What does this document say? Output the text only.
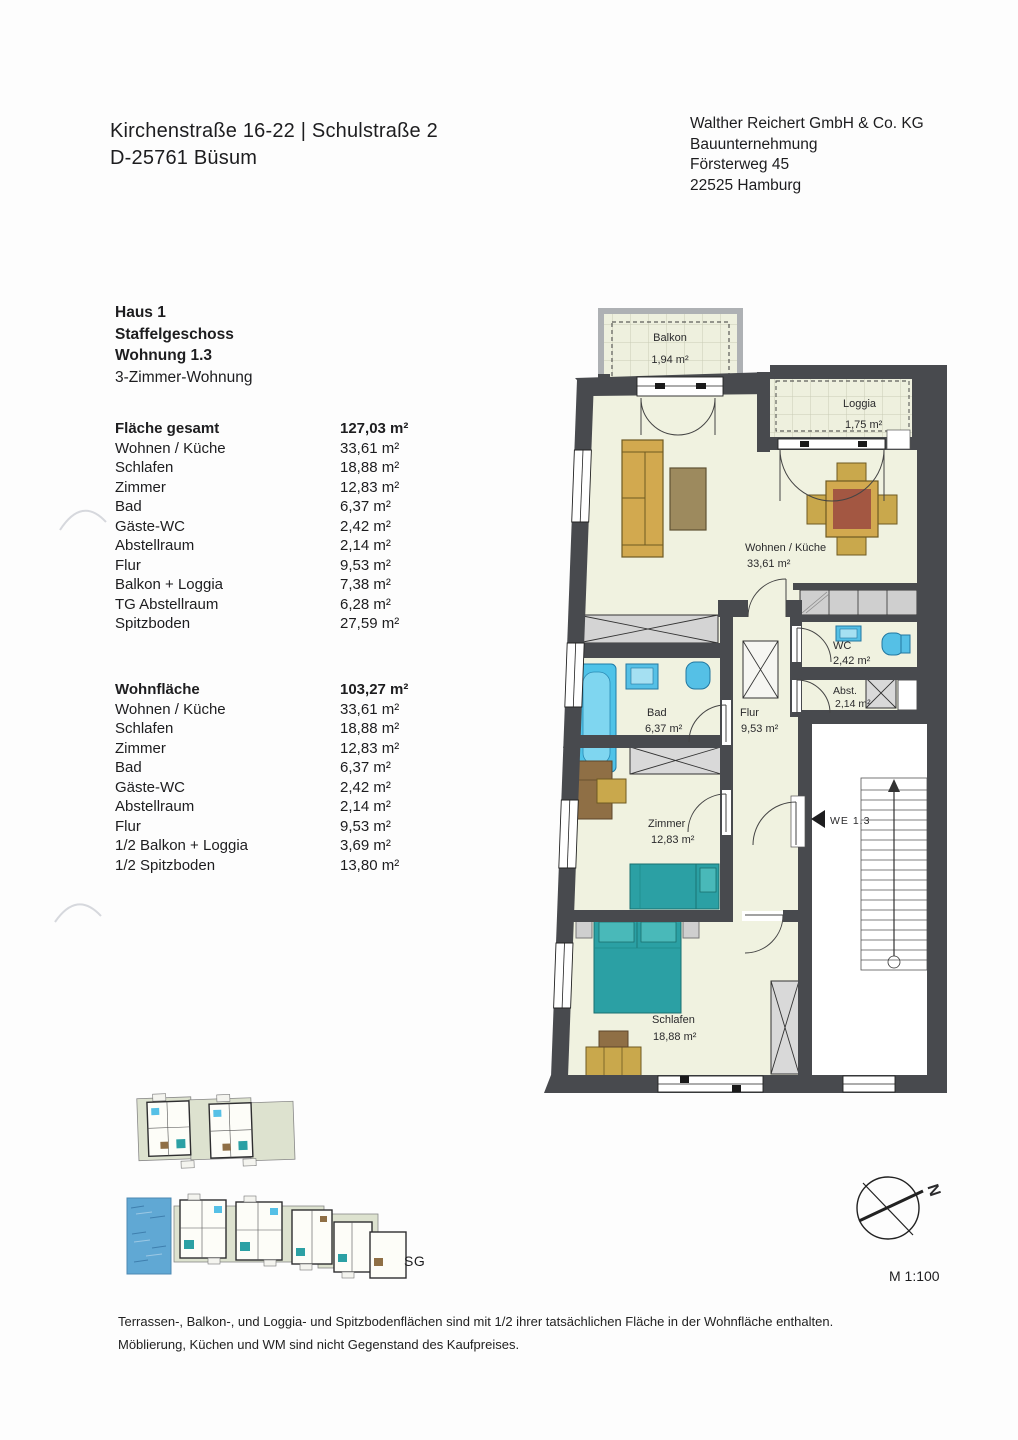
Kirchenstraße 16-22 | Schulstraße 2
D-25761 Büsum
Walther Reichert GmbH & Co. KG
Bauunternehmung
Försterweg 45
22525 Hamburg
Haus 1
Staffelgeschoss
Wohnung 1.3
3-Zimmer-Wohnung
Fläche gesamt	127,03 m²
Wohnen / Küche	33,61 m²
Schlafen	18,88 m²
Zimmer	12,83 m²
Bad	6,37 m²
Gäste-WC	2,42 m²
Abstellraum	2,14 m²
Flur	9,53 m²
Balkon + Loggia	7,38 m²
TG Abstellraum	6,28 m²
Spitzboden	27,59 m²
Wohnfläche	103,27 m²
Wohnen / Küche	33,61 m²
Schlafen	18,88 m²
Zimmer	12,83 m²
Bad	6,37 m²
Gäste-WC	2,42 m²
Abstellraum	2,14 m²
Flur	9,53 m²
1/2 Balkon + Loggia	3,69 m²
1/2 Spitzboden	13,80 m²
Balkon
1,94 m²
Loggia
1,75 m²
Wohnen / Küche
33,61 m²
WC
2,42 m²
Abst.
2,14 m²
Bad
6,37 m²
Flur
9,53 m²
Zimmer
12,83 m²
Schlafen
18,88 m²
WE 1.3
SG
N
M 1:100
Terrassen-, Balkon-, und Loggia- und Spitzbodenflächen sind mit 1/2 ihrer tatsächlichen Fläche in der Wohnfläche enthalten.
Möblierung, Küchen und WM sind nicht Gegenstand des Kaufpreises.
